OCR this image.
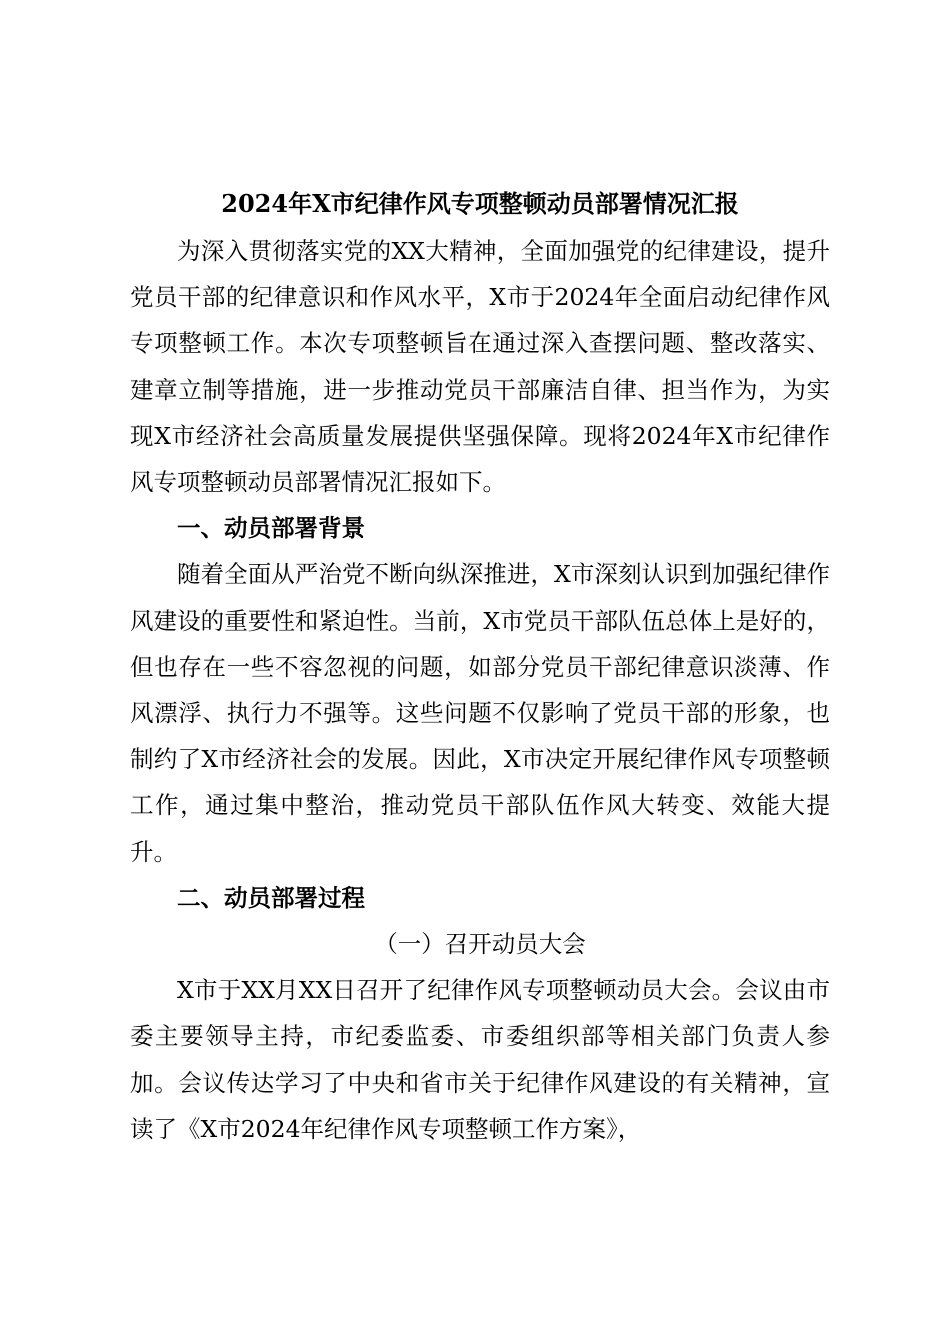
2024年X市纪律作风专项整顿动员部署情况汇报

为深入贯彻落实党的XX大精神，全面加强党的纪律建设，提升党员干部的纪律意识和作风水平，X市于2024年全面启动纪律作风专项整顿工作。本次专项整顿旨在通过深入查摆问题、整改落实、建章立制等措施，进一步推动党员干部廉洁自律、担当作为，为实现X市经济社会高质量发展提供坚强保障。现将2024年X市纪律作风专项整顿动员部署情况汇报如下。

一、动员部署背景

随着全面从严治党不断向纵深推进，X市深刻认识到加强纪律作风建设的重要性和紧迫性。当前，X市党员干部队伍总体上是好的，但也存在一些不容忽视的问题，如部分党员干部纪律意识淡薄、作风漂浮、执行力不强等。这些问题不仅影响了党员干部的形象，也制约了X市经济社会的发展。因此，X市决定开展纪律作风专项整顿工作，通过集中整治，推动党员干部队伍作风大转变、效能大提升。

二、动员部署过程

（一）召开动员大会

X市于XX月XX日召开了纪律作风专项整顿动员大会。会议由市委主要领导主持，市纪委监委、市委组织部等相关部门负责人参加。会议传达学习了中央和省市关于纪律作风建设的有关精神，宣读了《X市2024年纪律作风专项整顿工作方案》，
